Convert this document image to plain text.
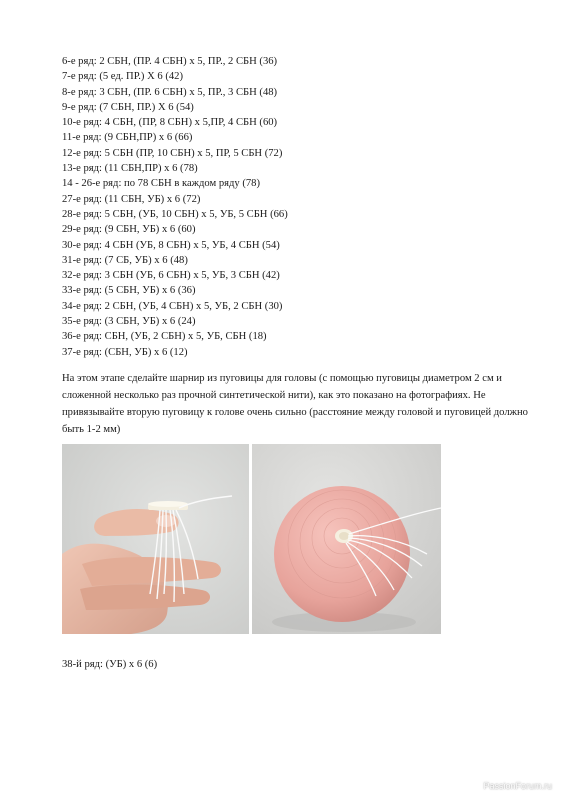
6-е ряд: 2 СБН, (ПР. 4 СБН) х 5, ПР., 2 СБН (36)
7-е ряд: (5 ед. ПР.) Х 6 (42)
8-е ряд: 3 СБН, (ПР. 6 СБН) х 5, ПР., 3 СБН (48)
9-е ряд: (7 СБН, ПР.) Х 6 (54)
10-е ряд: 4 СБН, (ПР, 8 СБН) х 5,ПР, 4 СБН (60)
11-е ряд: (9 СБН,ПР) х 6 (66)
12-е ряд: 5 СБН (ПР, 10 СБН) х 5, ПР, 5 СБН (72)
13-е ряд: (11 СБН,ПР) х 6 (78)
14 - 26-е ряд: по 78 СБН в каждом ряду (78)
27-е ряд: (11 СБН, УБ) х 6 (72)
28-е ряд: 5 СБН, (УБ, 10 СБН) х 5, УБ, 5 СБН (66)
29-е ряд: (9 СБН, УБ) х 6 (60)
30-е ряд: 4 СБН (УБ, 8 СБН) х 5, УБ, 4 СБН (54)
31-е ряд: (7 СБ, УБ) х 6 (48)
32-е ряд: 3 СБН (УБ, 6 СБН) х 5, УБ, 3 СБН (42)
33-е ряд: (5 СБН, УБ) х 6 (36)
34-е ряд: 2 СБН, (УБ, 4 СБН) х 5, УБ, 2 СБН (30)
35-е ряд: (3 СБН, УБ) х 6 (24)
36-е ряд: СБН, (УБ, 2 СБН) х 5, УБ, СБН (18)
37-е ряд: (СБН, УБ) х 6 (12)
На этом этапе сделайте шарнир из пуговицы для головы (с помощью пуговицы диаметром 2 см и сложенной несколько раз прочной синтетической нити), как это показано на фотографиях. Не привязывайте вторую пуговицу к голове очень сильно (расстояние между головой и пуговицей должно быть 1-2 мм)
38-й ряд: (УБ) х 6 (6)
PassionForum.ru
